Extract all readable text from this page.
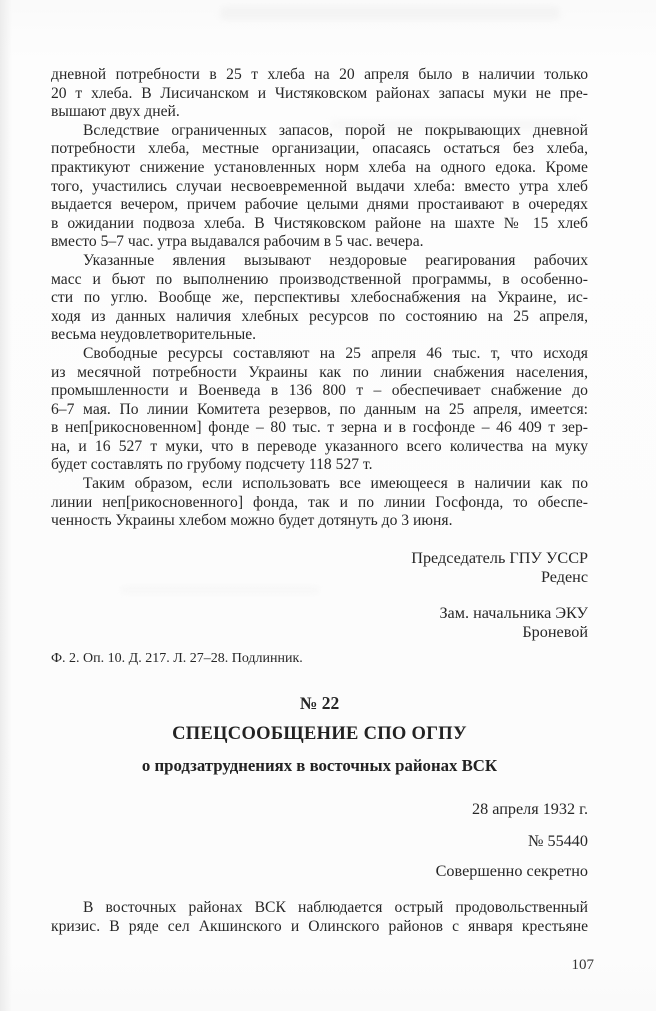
дневной потребности в 25 т хлеба на 20 апреля было в наличии только
20 т хлеба. В Лисичанском и Чистяковском районах запасы муки не пре-
вышают двух дней.
Вследствие ограниченных запасов, порой не покрывающих дневной
потребности хлеба, местные организации, опасаясь остаться без хлеба,
практикуют снижение установленных норм хлеба на одного едока. Кроме
того, участились случаи несвоевременной выдачи хлеба: вместо утра хлеб
выдается вечером, причем рабочие целыми днями простаивают в очередях
в ожидании подвоза хлеба. В Чистяковском районе на шахте № 15 хлеб
вместо 5–7 час. утра выдавался рабочим в 5 час. вечера.
Указанные явления вызывают нездоровые реагирования рабочих
масс и бьют по выполнению производственной программы, в особенно-
сти по углю. Вообще же, перспективы хлебоснабжения на Украине, ис-
ходя из данных наличия хлебных ресурсов по состоянию на 25 апреля,
весьма неудовлетворительные.
Свободные ресурсы составляют на 25 апреля 46 тыс. т, что исходя
из месячной потребности Украины как по линии снабжения населения,
промышленности и Военведа в 136 800 т – обеспечивает снабжение до
6–7 мая. По линии Комитета резервов, по данным на 25 апреля, имеется:
в неп[рикосновенном] фонде – 80 тыс. т зерна и в госфонде – 46 409 т зер-
на, и 16 527 т муки, что в переводе указанного всего количества на муку
будет составлять по грубому подсчету 118 527 т.
Таким образом, если использовать все имеющееся в наличии как по
линии неп[рикосновенного] фонда, так и по линии Госфонда, то обеспе-
ченность Украины хлебом можно будет дотянуть до 3 июня.
Председатель ГПУ УССР
Реденс
Зам. начальника ЭКУ
Броневой
Ф. 2. Оп. 10. Д. 217. Л. 27–28. Подлинник.
№ 22
СПЕЦСООБЩЕНИЕ СПО ОГПУ
о продзатруднениях в восточных районах ВСК
28 апреля 1932 г.
№ 55440
Совершенно секретно
В восточных районах ВСК наблюдается острый продовольственный
кризис. В ряде сел Акшинского и Олинского районов с января крестьяне
107
